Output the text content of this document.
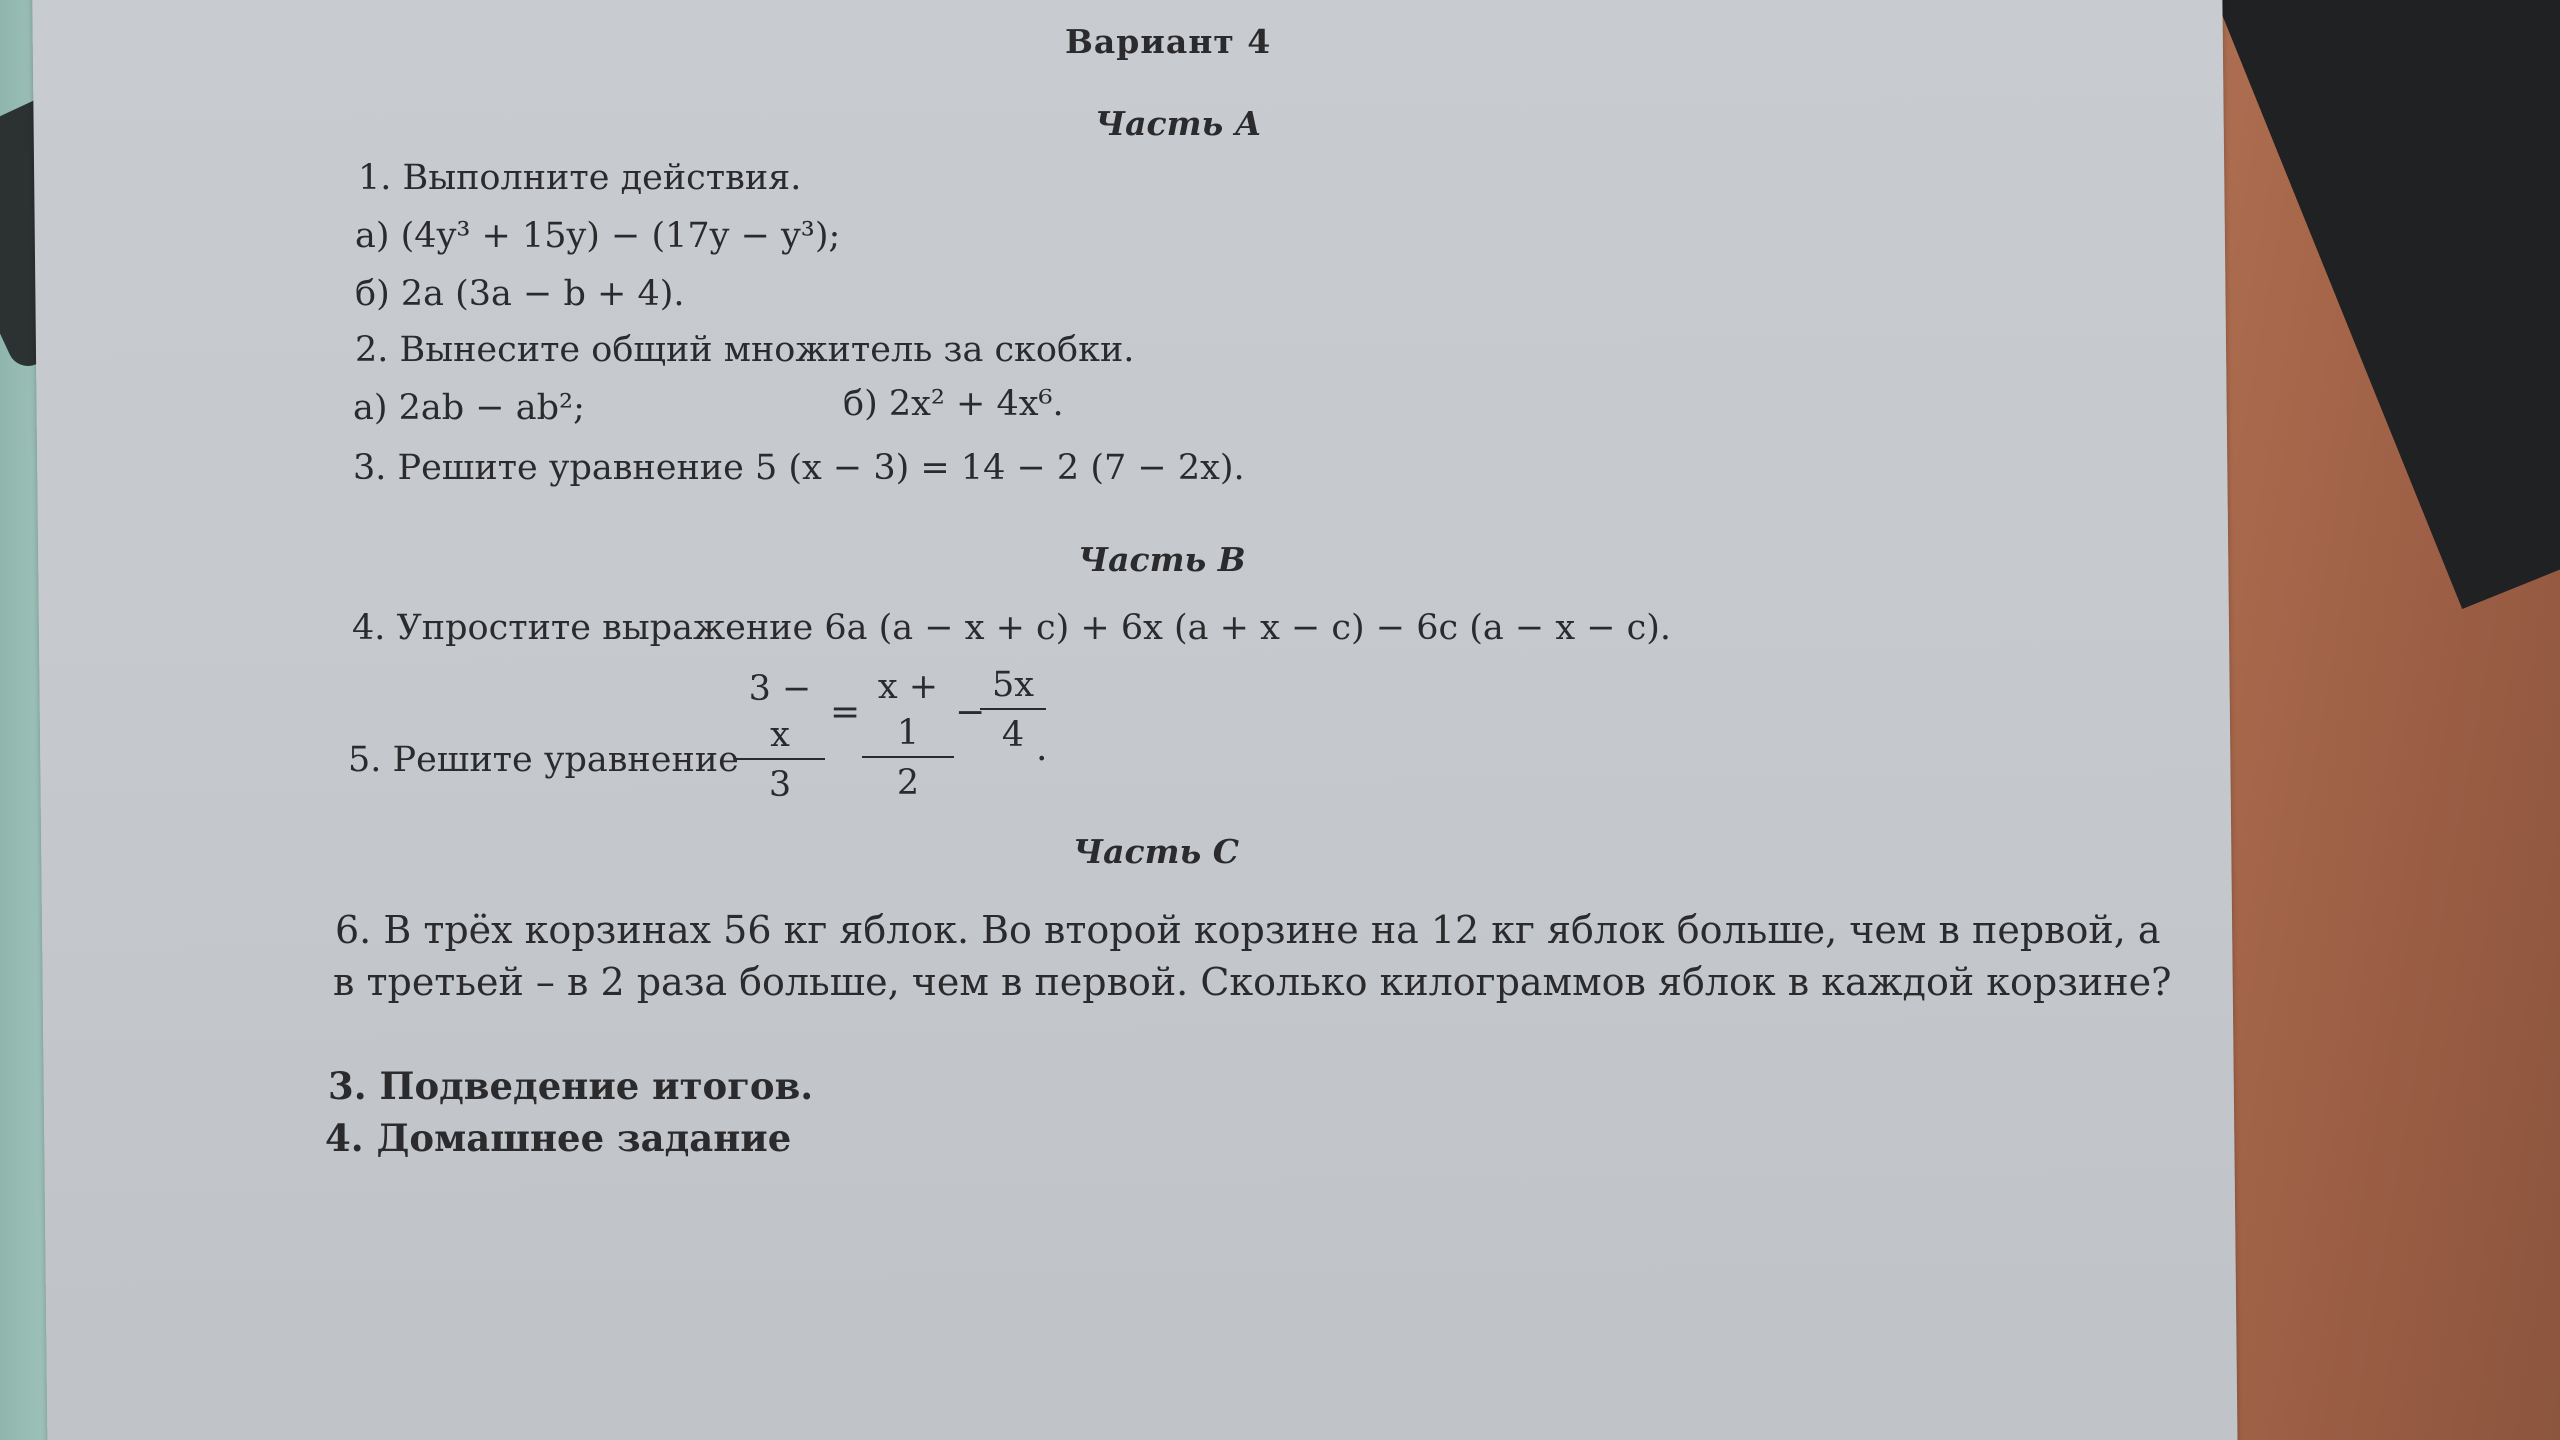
Вариант 4
Часть А
1. Выполните действия.
а) (4y³ + 15y) − (17y − y³);
б) 2a (3a − b + 4).
2. Вынесите общий множитель за скобки.
а) 2ab − ab²;	б) 2x² + 4x⁶.
3. Решите уравнение 5 (x − 3) = 14 − 2 (7 − 2x).
Часть В
4. Упростите выражение 6a (a − x + c) + 6x (a + x − c) − 6c (a − x − c).
5. Решите уравнение
$\frac{3 - x}{3} = \frac{x + 1}{2}$ −
$\frac{5x}{4}$
.
Часть С
6. В трёх корзинах 56 кг яблок. Во второй корзине на 12 кг яблок больше, чем в первой, а
в третьей – в 2 раза больше, чем в первой. Сколько килограммов яблок в каждой корзине?
3. Подведение итогов.
4. Домашнее задание
